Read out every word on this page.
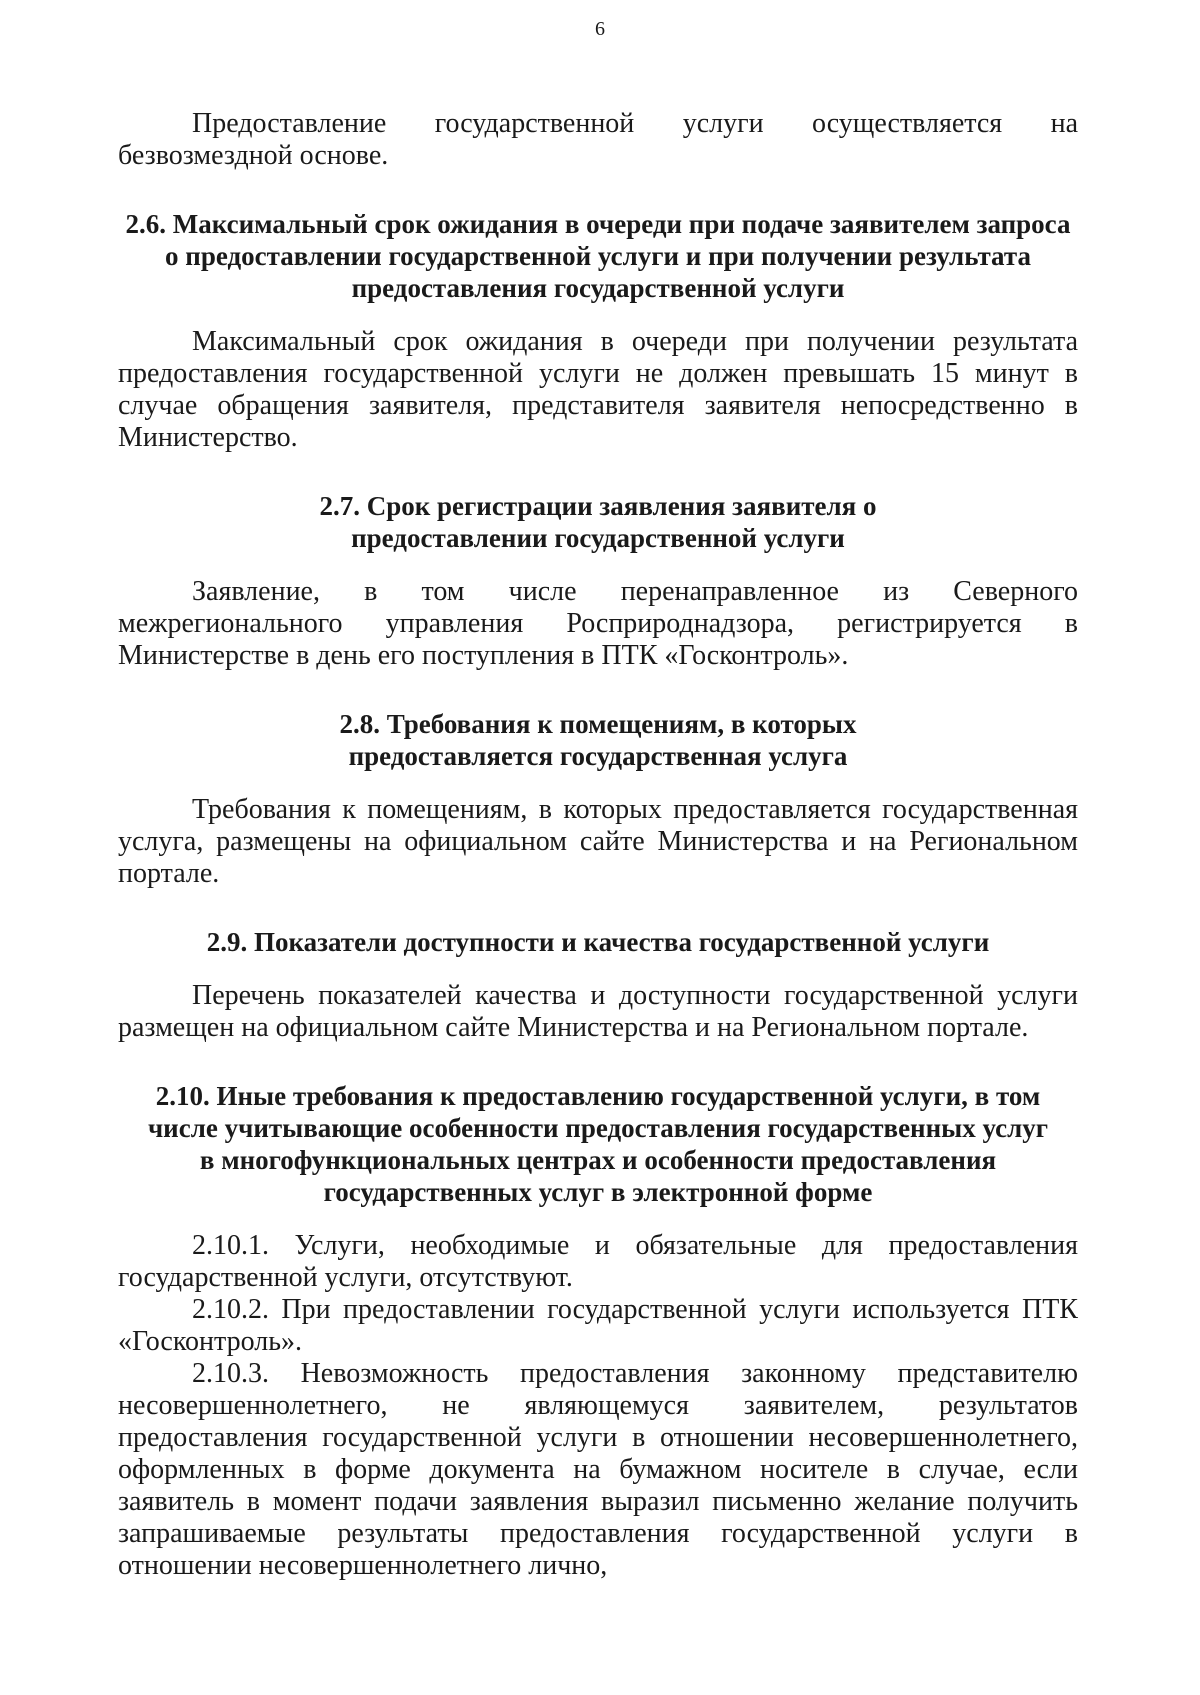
6

Предоставление государственной услуги осуществляется на безвозмездной основе.

2.6. Максимальный срок ожидания в очереди при подаче заявителем запроса о предоставлении государственной услуги и при получении результата предоставления государственной услуги

Максимальный срок ожидания в очереди при получении результата предоставления государственной услуги не должен превышать 15 минут в случае обращения заявителя, представителя заявителя непосредственно в Министерство.

2.7. Срок регистрации заявления заявителя о предоставлении государственной услуги

Заявление, в том числе перенаправленное из Северного межрегионального управления Росприроднадзора, регистрируется в Министерстве в день его поступления в ПТК «Госконтроль».

2.8. Требования к помещениям, в которых предоставляется государственная услуга

Требования к помещениям, в которых предоставляется государственная услуга, размещены на официальном сайте Министерства и на Региональном портале.

2.9. Показатели доступности и качества государственной услуги

Перечень показателей качества и доступности государственной услуги размещен на официальном сайте Министерства и на Региональном портале.

2.10. Иные требования к предоставлению государственной услуги, в том числе учитывающие особенности предоставления государственных услуг в многофункциональных центрах и особенности предоставления государственных услуг в электронной форме

2.10.1. Услуги, необходимые и обязательные для предоставления государственной услуги, отсутствуют.

2.10.2. При предоставлении государственной услуги используется ПТК «Госконтроль».

2.10.3. Невозможность предоставления законному представителю несовершеннолетнего, не являющемуся заявителем, результатов предоставления государственной услуги в отношении несовершеннолетнего, оформленных в форме документа на бумажном носителе в случае, если заявитель в момент подачи заявления выразил письменно желание получить запрашиваемые результаты предоставления государственной услуги в отношении несовершеннолетнего лично,
